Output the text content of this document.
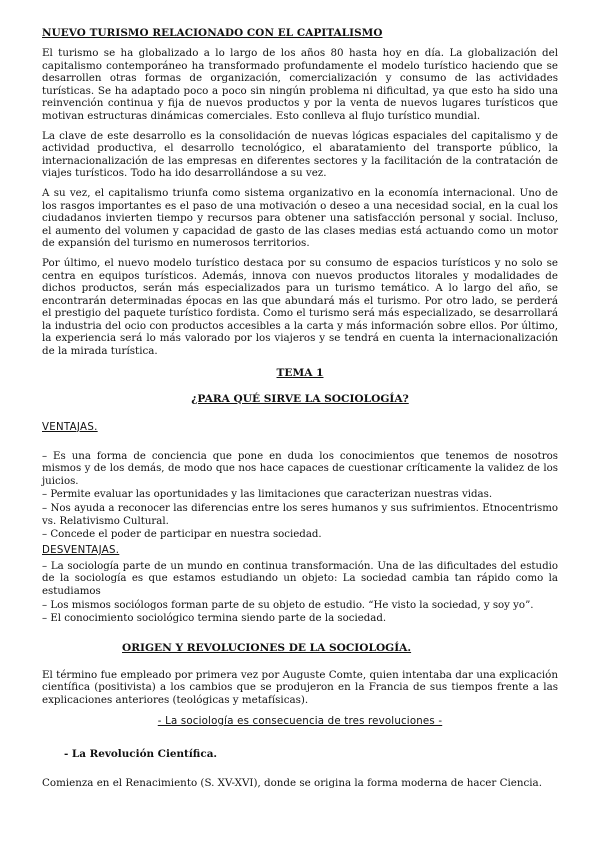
NUEVO TURISMO RELACIONADO CON EL CAPITALISMO

El turismo se ha globalizado a lo largo de los años 80 hasta hoy en día. La globalización del capitalismo contemporáneo ha transformado profundamente el modelo turístico haciendo que se desarrollen otras formas de organización, comercialización y consumo de las actividades turísticas. Se ha adaptado poco a poco sin ningún problema ni dificultad, ya que esto ha sido una reinvención continua y fija de nuevos productos y por la venta de nuevos lugares turísticos que motivan estructuras dinámicas comerciales. Esto conlleva al flujo turístico mundial.

La clave de este desarrollo es la consolidación de nuevas lógicas espaciales del capitalismo y de actividad productiva, el desarrollo tecnológico, el abaratamiento del transporte público, la internacionalización de las empresas en diferentes sectores y la facilitación de la contratación de viajes turísticos. Todo ha ido desarrollándose a su vez.

A su vez, el capitalismo triunfa como sistema organizativo en la economía internacional. Uno de los rasgos importantes es el paso de una motivación o deseo a una necesidad social, en la cual los ciudadanos invierten tiempo y recursos para obtener una satisfacción personal y social. Incluso, el aumento del volumen y capacidad de gasto de las clases medias está actuando como un motor de expansión del turismo en numerosos territorios.

Por último, el nuevo modelo turístico destaca por su consumo de espacios turísticos y no solo se centra en equipos turísticos. Además, innova con nuevos productos litorales y modalidades de dichos productos, serán más especializados para un turismo temático. A lo largo del año, se encontrarán determinadas épocas en las que abundará más el turismo. Por otro lado, se perderá el prestigio del paquete turístico fordista. Como el turismo será más especializado, se desarrollará la industria del ocio con productos accesibles a la carta y más información sobre ellos. Por último, la experiencia será lo más valorado por los viajeros y se tendrá en cuenta la internacionalización de la mirada turística.

TEMA 1
¿PARA QUÉ SIRVE LA SOCIOLOGÍA?
VENTAJAS.
– Es una forma de conciencia que pone en duda los conocimientos que tenemos de nosotros mismos y de los demás, de modo que nos hace capaces de cuestionar críticamente la validez de los juicios.
– Permite evaluar las oportunidades y las limitaciones que caracterizan nuestras vidas.
– Nos ayuda a reconocer las diferencias entre los seres humanos y sus sufrimientos. Etnocentrismo vs. Relativismo Cultural.
– Concede el poder de participar en nuestra sociedad.
DESVENTAJAS.
– La sociología parte de un mundo en continua transformación. Una de las dificultades del estudio de la sociología es que estamos estudiando un objeto: La sociedad cambia tan rápido como la estudiamos
– Los mismos sociólogos forman parte de su objeto de estudio. “He visto la sociedad, y soy yo”.
– El conocimiento sociológico termina siendo parte de la sociedad.
ORIGEN Y REVOLUCIONES DE LA SOCIOLOGÍA.

El término fue empleado por primera vez por Auguste Comte, quien intentaba dar una explicación científica (positivista) a los cambios que se produjeron en la Francia de sus tiempos frente a las explicaciones anteriores (teológicas y metafísicas).

- La sociología es consecuencia de tres revoluciones -
- La Revolución Científica.

Comienza en el Renacimiento (S. XV-XVI), donde se origina la forma moderna de hacer Ciencia.
